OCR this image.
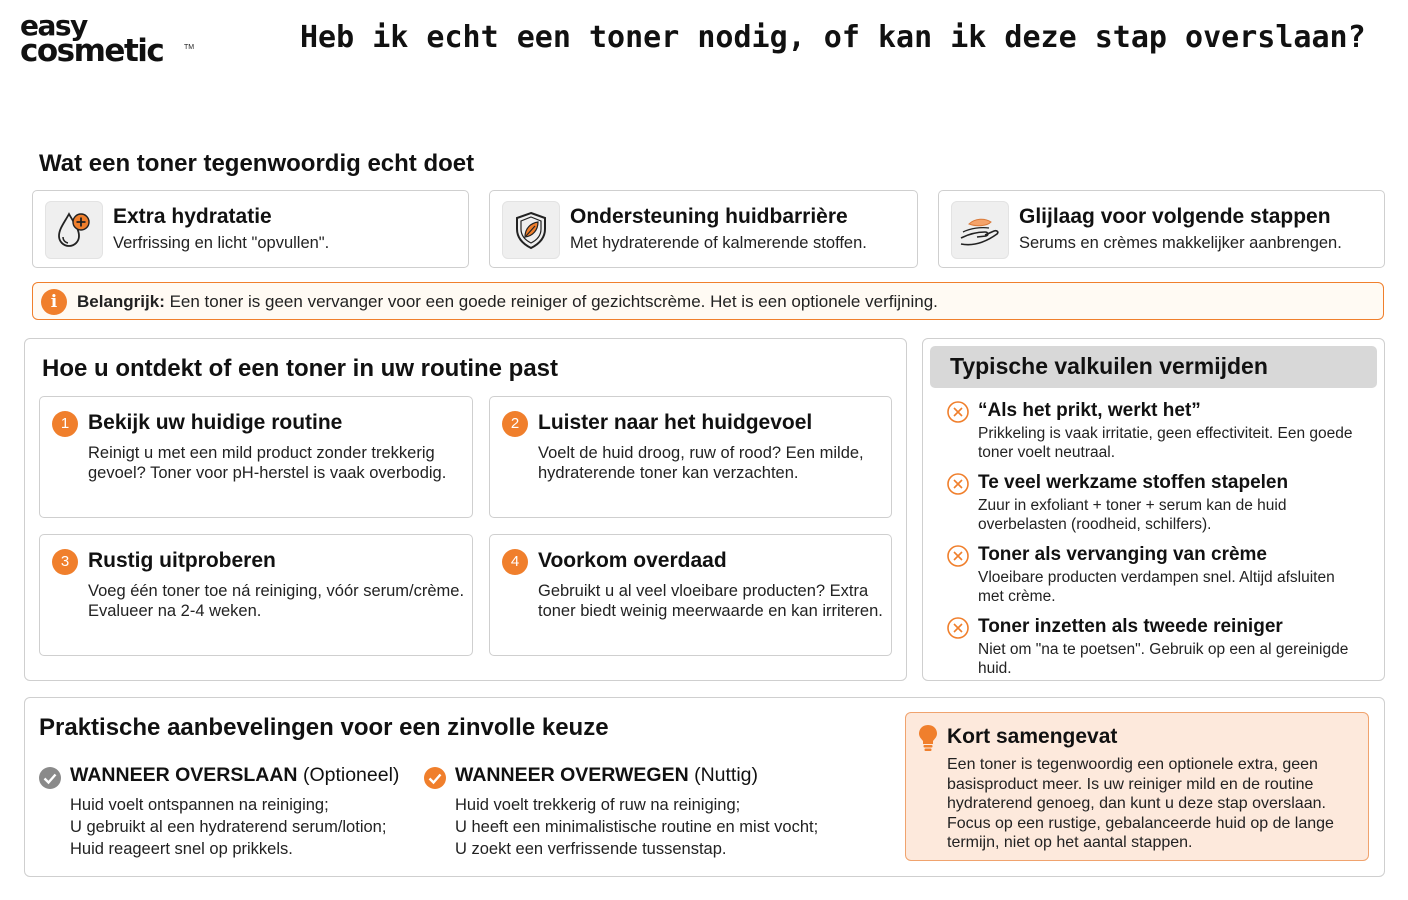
easy
cosmetic	TM	Heb ik echt een toner nodig, of kan ik deze stap overslaan?
Wat een toner tegenwoordig echt doet
Extra hydratatie
Verfrissing en licht "opvullen".
Ondersteuning huidbarrière
Met hydraterende of kalmerende stoffen.
Glijlaag voor volgende stappen
Serums en crèmes makkelijker aanbrengen.
i	Belangrijk: Een toner is geen vervanger voor een goede reiniger of gezichtscrème. Het is een optionele verfijning.
Hoe u ontdekt of een toner in uw routine past
1 Bekijk uw huidige routine
Reinigt u met een mild product zonder trekkerig gevoel? Toner voor pH-herstel is vaak overbodig.
2 Luister naar het huidgevoel
Voelt de huid droog, ruw of rood? Een milde, hydraterende toner kan verzachten.
3 Rustig uitproberen
Voeg één toner toe ná reiniging, vóór serum/crème. Evalueer na 2-4 weken.
4 Voorkom overdaad
Gebruikt u al veel vloeibare producten? Extra toner biedt weinig meerwaarde en kan irriteren.
Typische valkuilen vermijden
“Als het prikt, werkt het”
Prikkeling is vaak irritatie, geen effectiviteit. Een goede toner voelt neutraal.
Te veel werkzame stoffen stapelen
Zuur in exfoliant + toner + serum kan de huid overbelasten (roodheid, schilfers).
Toner als vervanging van crème
Vloeibare producten verdampen snel. Altijd afsluiten met crème.
Toner inzetten als tweede reiniger
Niet om "na te poetsen". Gebruik op een al gereinigde huid.
Praktische aanbevelingen voor een zinvolle keuze
WANNEER OVERSLAAN (Optioneel)
Huid voelt ontspannen na reiniging;
U gebruikt al een hydraterend serum/lotion;
Huid reageert snel op prikkels.
WANNEER OVERWEGEN (Nuttig)
Huid voelt trekkerig of ruw na reiniging;
U heeft een minimalistische routine en mist vocht;
U zoekt een verfrissende tussenstap.
Kort samengevat
Een toner is tegenwoordig een optionele extra, geen basisproduct meer. Is uw reiniger mild en de routine hydraterend genoeg, dan kunt u deze stap overslaan. Focus op een rustige, gebalanceerde huid op de lange termijn, niet op het aantal stappen.
